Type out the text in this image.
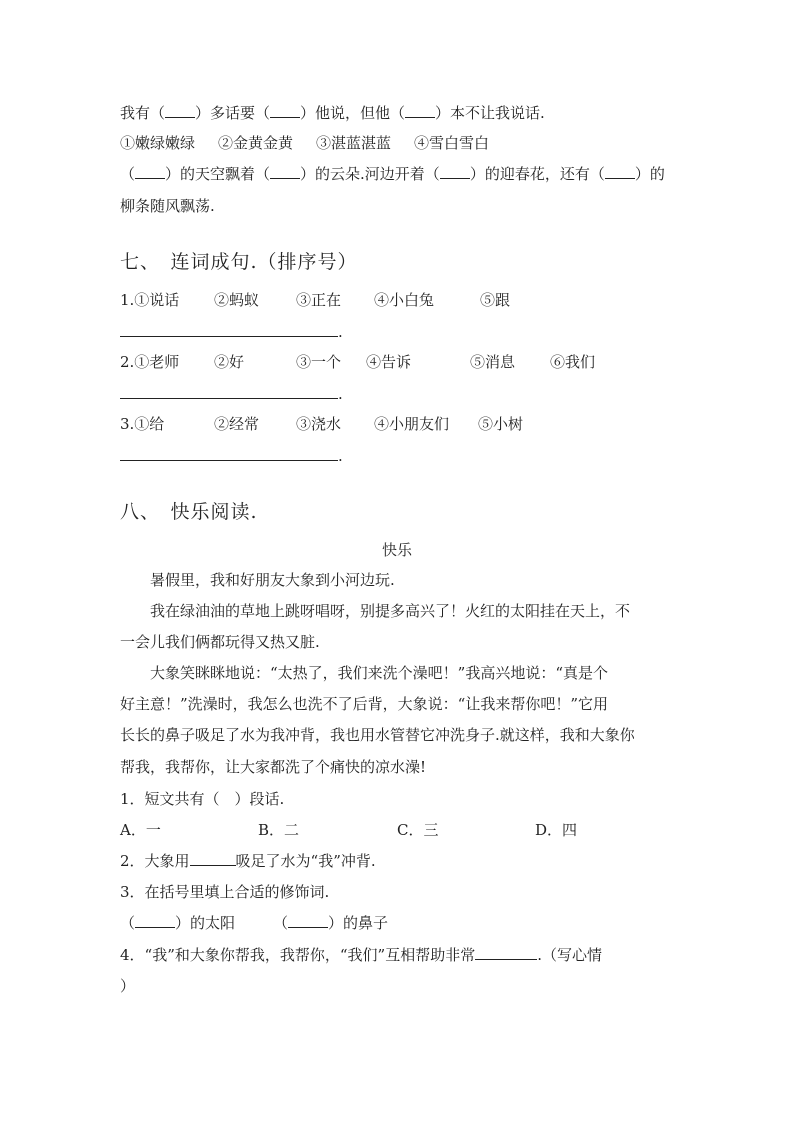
我有（ ）多话要（ ）他说，但他（ ）本不让我说话.
①嫩绿嫩绿 ②金黄金黄 ③湛蓝湛蓝 ④雪白雪白
（ ）的天空飘着（ ）的云朵.河边开着（ ）的迎春花，还有（ ）的
柳条随风飘荡.
七、　连词成句.（排序号）
1.①说话 ②蚂蚁 ③正在 ④小白兔	⑤跟
.
2.①老师 ②好	③一个 ④告诉	⑤消息 ⑥我们
.
3.①给	②经常 ③浇水 ④小朋友们 ⑤小树
.
八、　快乐阅读.
快乐
暑假里，我和好朋友大象到小河边玩.
我在绿油油的草地上跳呀唱呀，别提多高兴了！火红的太阳挂在天上，不
一会儿我们俩都玩得又热又脏.
大象笑眯眯地说：“太热了，我们来洗个澡吧！”我高兴地说：“真是个
好主意！”洗澡时，我怎么也洗不了后背，大象说：“让我来帮你吧！”它用
长长的鼻子吸足了水为我冲背，我也用水管替它冲洗身子.就这样，我和大象你
帮我，我帮你，让大家都洗了个痛快的凉水澡!
1．短文共有（　）段话.
A．一	B．二	C．三	D．四
2．大象用	吸足了水为“我”冲背.
3．在括号里填上合适的修饰词.
（	）的太阳	（	）的鼻子
4．“我”和大象你帮我，我帮你，“我们”互相帮助非常	.（写心情
）
